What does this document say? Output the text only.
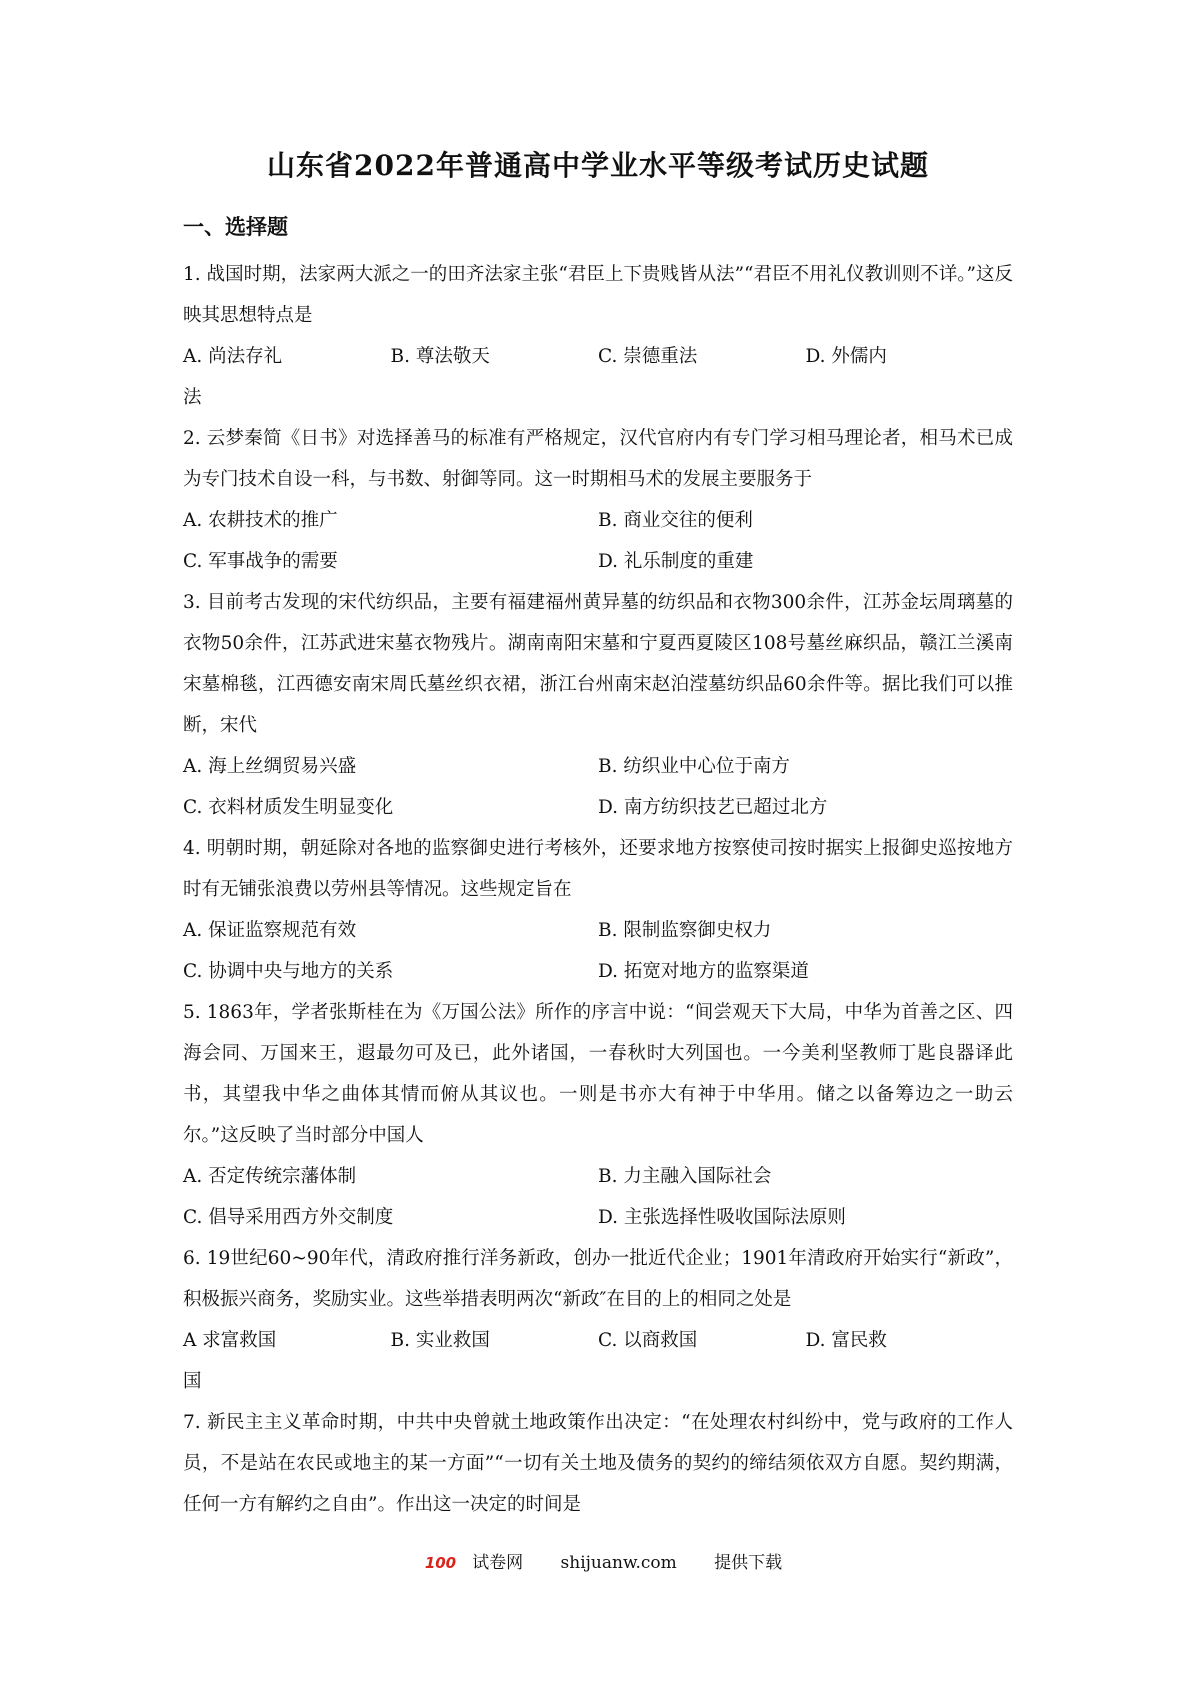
山东省2022年普通高中学业水平等级考试历史试题
一、选择题

1. 战国时期，法家两大派之一的田齐法家主张“君臣上下贵贱皆从法”“君臣不用礼仪教训则不详。”这反映其思想特点是

A. 尚法存礼	B. 尊法敬天	C. 崇德重法	D. 外儒内
法

2. 云梦秦简《日书》对选择善马的标准有严格规定，汉代官府内有专门学习相马理论者，相马术已成为专门技术自设一科，与书数、射御等同。这一时期相马术的发展主要服务于

A. 农耕技术的推广	B. 商业交往的便利
C. 军事战争的需要	D. 礼乐制度的重建

3. 目前考古发现的宋代纺织品，主要有福建福州黄异墓的纺织品和衣物300余件，江苏金坛周璃墓的衣物50余件，江苏武进宋墓衣物残片。湖南南阳宋墓和宁夏西夏陵区108号墓丝麻织品，赣江兰溪南宋墓棉毯，江西德安南宋周氏墓丝织衣裙，浙江台州南宋赵泊滢墓纺织品60余件等。据比我们可以推断，宋代

A. 海上丝绸贸易兴盛	B. 纺织业中心位于南方
C. 衣料材质发生明显变化	D. 南方纺织技艺已超过北方

4. 明朝时期，朝延除对各地的监察御史进行考核外，还要求地方按察使司按时据实上报御史巡按地方时有无铺张浪费以劳州县等情况。这些规定旨在

A. 保证监察规范有效	B. 限制监察御史权力
C. 协调中央与地方的关系	D. 拓宽对地方的监察渠道

5. 1863年，学者张斯桂在为《万国公法》所作的序言中说：“间尝观天下大局，中华为首善之区、四海会同、万国来王，遐最勿可及已，此外诸国，一春秋时大列国也。一今美利坚教师丁匙良器译此书，其望我中华之曲体其情而俯从其议也。一则是书亦大有神于中华用。储之以备筹边之一助云尔。”这反映了当时部分中国人

A. 否定传统宗藩体制	B. 力主融入国际社会
C. 倡导采用西方外交制度	D. 主张选择性吸收国际法原则

6. 19世纪60~90年代，清政府推行洋务新政，创办一批近代企业；1901年清政府开始实行“新政”，积极振兴商务，奖励实业。这些举措表明两次“新政″在目的上的相同之处是

A 求富救国	B. 实业救国	C. 以商救国	D. 富民救
国

7. 新民主主义革命时期，中共中央曾就土地政策作出决定：“在处理农村纠纷中，党与政府的工作人员，不是站在农民或地主的某一方面”“一切有关土地及债务的契约的缔结须依双方自愿。契约期满，任何一方有解约之自由”。作出这一决定的时间是

100 试卷网 shijuanw.com 提供下载
